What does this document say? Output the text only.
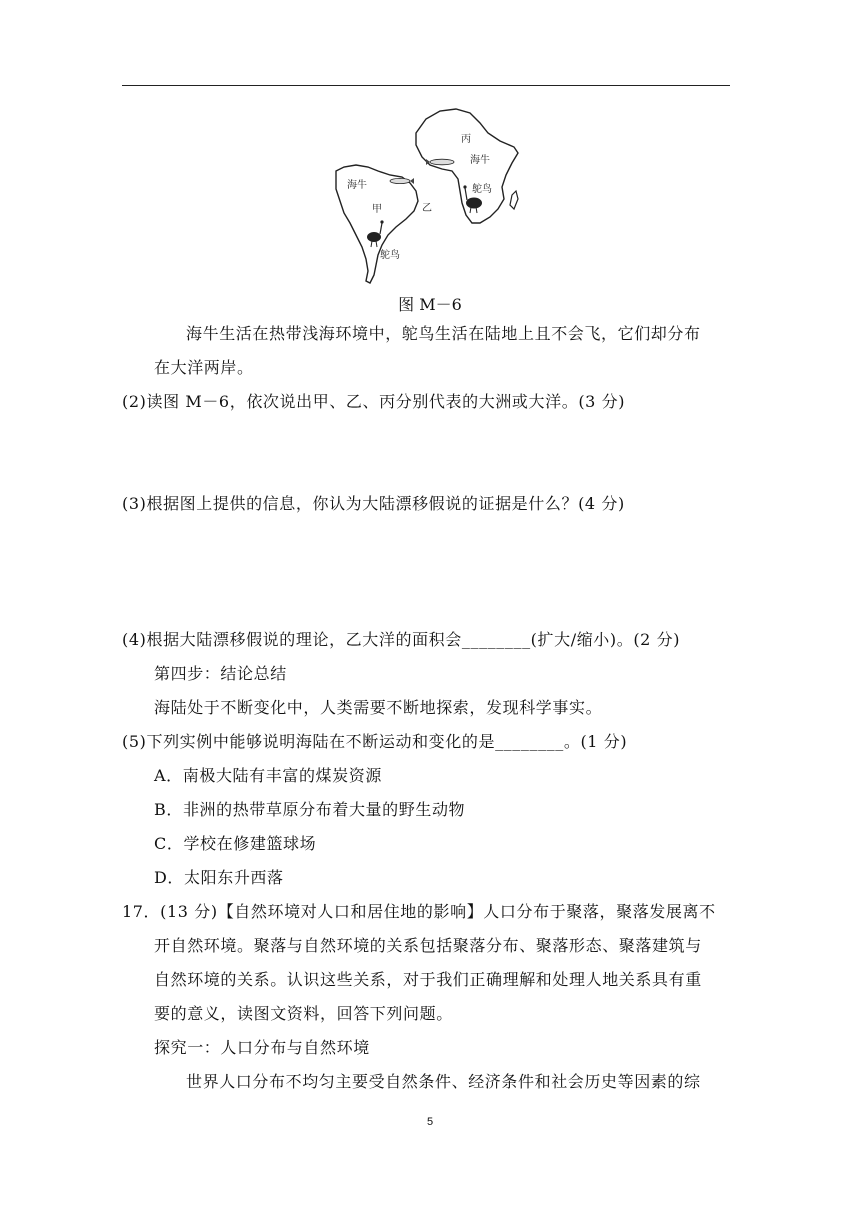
海牛
甲	乙
丙
海牛
鸵鸟
鸵鸟
图 M－6
海牛生活在热带浅海环境中，鸵鸟生活在陆地上且不会飞，它们却分布
在大洋两岸。
(2)读图 M－6，依次说出甲、乙、丙分别代表的大洲或大洋。(3 分)
(3)根据图上提供的信息，你认为大陆漂移假说的证据是什么？(4 分)
(4)根据大陆漂移假说的理论，乙大洋的面积会________(扩大/缩小)。(2 分)
第四步：结论总结
海陆处于不断变化中，人类需要不断地探索，发现科学事实。
(5)下列实例中能够说明海陆在不断运动和变化的是________。(1 分)
A．南极大陆有丰富的煤炭资源
B．非洲的热带草原分布着大量的野生动物
C．学校在修建篮球场
D．太阳东升西落
17．(13 分)【自然环境对人口和居住地的影响】人口分布于聚落，聚落发展离不
开自然环境。聚落与自然环境的关系包括聚落分布、聚落形态、聚落建筑与
自然环境的关系。认识这些关系，对于我们正确理解和处理人地关系具有重
要的意义，读图文资料，回答下列问题。
探究一：人口分布与自然环境
世界人口分布不均匀主要受自然条件、经济条件和社会历史等因素的综
5
